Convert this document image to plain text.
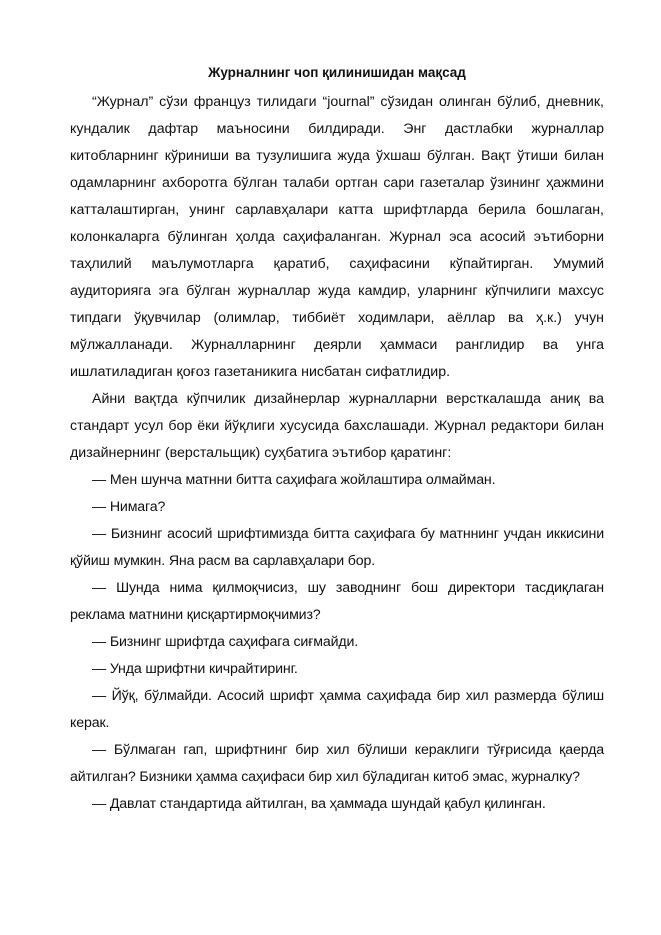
Журналнинг чоп қилинишидан мақсад

“Журнал” сўзи француз тилидаги “journal” сўзидан олинган бўлиб, дневник, кундалик дафтар маъносини билдиради. Энг дастлабки журналлар китобларнинг кўриниши ва тузулишига жуда ўхшаш бўлган. Вақт ўтиши билан одамларнинг ахборотга бўлган талаби ортган сари газеталар ўзининг ҳажмини катталаштирган, унинг сарлавҳалари катта шрифтларда берила бошлаган, колонкаларга бўлинган ҳолда саҳифаланган. Журнал эса асосий эътиборни таҳлилий маълумотларга қаратиб, саҳифасини кўпайтирган. Умумий аудиторияга эга бўлган журналлар жуда камдир, уларнинг кўпчилиги махсус типдаги ўқувчилар (олимлар, тиббиёт ходимлари, аёллар ва ҳ.к.) учун мўлжалланади. Журналларнинг деярли ҳаммаси ранглидир ва унга ишлатиладиган қоғоз газетаникига нисбатан сифатлидир.

Айни вақтда кўпчилик дизайнерлар журналларни версткалашда аниқ ва стандарт усул бор ёки йўқлиги хусусида бахслашади. Журнал редактори билан дизайнернинг (верстальщик) суҳбатига эътибор қаратинг:

— Мен шунча матнни битта саҳифага жойлаштира олмайман.

— Нимага?

— Бизнинг асосий шрифтимизда битта саҳифага бу матннинг учдан иккисини қўйиш мумкин. Яна расм ва сарлавҳалари бор.

— Шунда нима қилмоқчисиз, шу заводнинг бош директори тасдиқлаган реклама матнини қисқартирмоқчимиз?

— Бизнинг шрифтда саҳифага сиғмайди.

— Унда шрифтни кичрайтиринг.

— Йўқ, бўлмайди. Асосий шрифт ҳамма саҳифада бир хил размерда бўлиш керак.

— Бўлмаган гап, шрифтнинг бир хил бўлиши кераклиги тўғрисида қаерда айтилган? Бизники ҳамма саҳифаси бир хил бўладиган китоб эмас, журналку?

— Давлат стандартида айтилган, ва ҳаммада шундай қабул қилинган.
